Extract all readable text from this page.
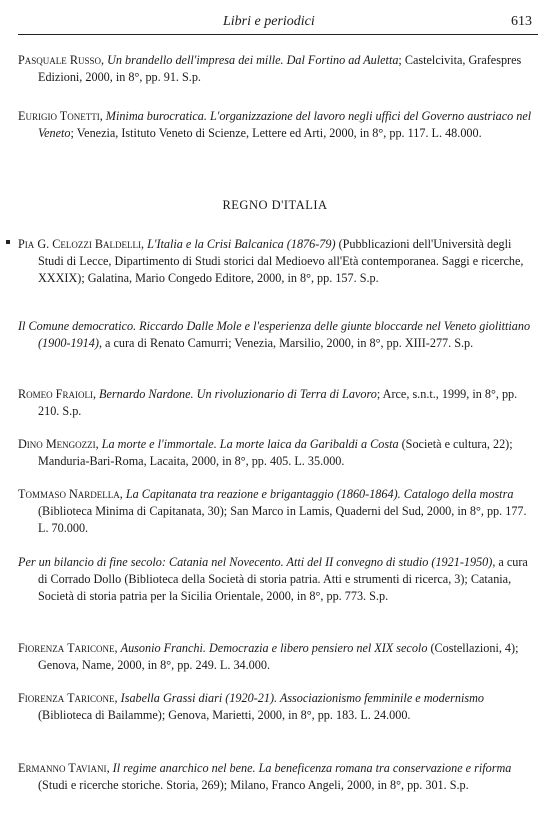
Libri e periodici	613
Pasquale Russo, Un brandello dell'impresa dei mille. Dal Fortino ad Auletta; Castelcivita, Grafespres Edizioni, 2000, in 8°, pp. 91. S.p.
Eurigio Tonetti, Minima burocratica. L'organizzazione del lavoro negli uffici del Governo austriaco nel Veneto; Venezia, Istituto Veneto di Scienze, Lettere ed Arti, 2000, in 8°, pp. 117. L. 48.000.
REGNO D'ITALIA
Pia G. Celozzi Baldelli, L'Italia e la Crisi Balcanica (1876-79) (Pubblicazioni dell'Università degli Studi di Lecce, Dipartimento di Studi storici dal Medioevo all'Età contemporanea. Saggi e ricerche, XXXIX); Galatina, Mario Congedo Editore, 2000, in 8°, pp. 157. S.p.
Il Comune democratico. Riccardo Dalle Mole e l'esperienza delle giunte bloccarde nel Veneto giolittiano (1900-1914), a cura di Renato Camurri; Venezia, Marsilio, 2000, in 8°, pp. XIII-277. S.p.
Romeo Fraioli, Bernardo Nardone. Un rivoluzionario di Terra di Lavoro; Arce, s.n.t., 1999, in 8°, pp. 210. S.p.
Dino Mengozzi, La morte e l'immortale. La morte laica da Garibaldi a Costa (Società e cultura, 22); Manduria-Bari-Roma, Lacaita, 2000, in 8°, pp. 405. L. 35.000.
Tommaso Nardella, La Capitanata tra reazione e brigantaggio (1860-1864). Catalogo della mostra (Biblioteca Minima di Capitanata, 30); San Marco in Lamis, Quaderni del Sud, 2000, in 8°, pp. 177. L. 70.000.
Per un bilancio di fine secolo: Catania nel Novecento. Atti del II convegno di studio (1921-1950), a cura di Corrado Dollo (Biblioteca della Società di storia patria. Atti e strumenti di ricerca, 3); Catania, Società di storia patria per la Sicilia Orientale, 2000, in 8°, pp. 773. S.p.
Fiorenza Taricone, Ausonio Franchi. Democrazia e libero pensiero nel XIX secolo (Costellazioni, 4); Genova, Name, 2000, in 8°, pp. 249. L. 34.000.
Fiorenza Taricone, Isabella Grassi diari (1920-21). Associazionismo femminile e modernismo (Biblioteca di Bailamme); Genova, Marietti, 2000, in 8°, pp. 183. L. 24.000.
Ermanno Taviani, Il regime anarchico nel bene. La beneficenza romana tra conservazione e riforma (Studi e ricerche storiche. Storia, 269); Milano, Franco Angeli, 2000, in 8°, pp. 301. S.p.
